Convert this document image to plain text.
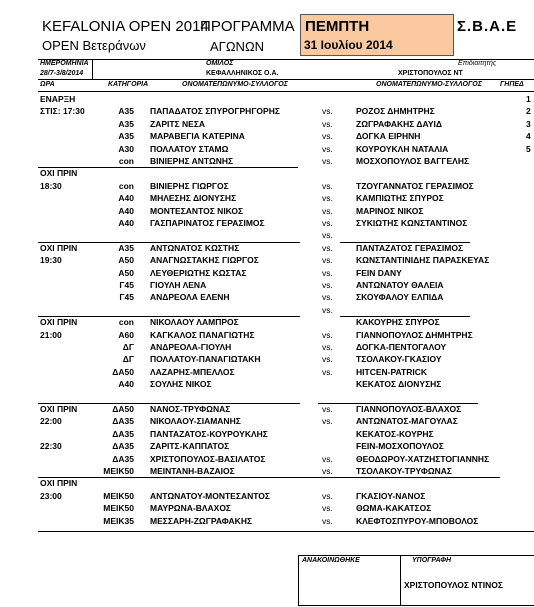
KEFALONIA OPEN 2014
OPEN Βετεράνων
ΠΡΟΓΡΑΜΜΑ
ΑΓΩΝΩΝ
ΠΕΜΠΤΗ
31 Ιουλίου 2014
Σ.Β.Α.Ε
ΗΜΕΡΟΜΗΝΙΑ	ΟΜΙΛΟΣ	Επιδιαιτητής
28/7-3/8/2014	ΚΕΦΑΛΛΗΝΙΚΟΣ Ο.Α.	ΧΡΙΣΤΟΠΟΥΛΟΣ ΝΤ
ΩΡΑ	ΚΑΤΗΓΟΡΙΑ	ΟΝΟΜΑΤΕΠΩΝΥΜΟ-ΣΥΛΛΟΓΟΣ	ΟΝΟΜΑΤΕΠΩΝΥΜΟ-ΣΥΛΛΟΓΟΣ	ΓΗΠΕΔ
ΕΝΑΡΞΗ	1
ΣΤΙΣ: 17:30	Α35 ΠΑΠΑΔΑΤΟΣ ΣΠΥΡΟΓΡΗΓΟΡΗΣ	vs.	ΡΟΖΟΣ ΔΗΜΗΤΡΗΣ	2
Α35 ΖΑΡΙΤΣ ΝΕΣΑ	vs.	ΖΩΓΡΑΦΑΚΗΣ ΔΑΥΙΔ	3
Α35 ΜΑΡΑΒΕΓΙΑ ΚΑΤΕΡΙΝΑ	vs.	ΔΟΓΚΑ ΕΙΡΗΝΗ	4
Α30 ΠΟΛΛΑΤΟΥ ΣΤΑΜΩ	vs.	ΚΟΥΡΟΥΚΛΗ ΝΑΤΑΛΙΑ	5
con ΒΙΝΙΕΡΗΣ ΑΝΤΩΝΗΣ	vs.	ΜΟΣΧΟΠΟΥΛΟΣ ΒΑΓΓΕΛΗΣ
ΟΧΙ ΠΡΙΝ
18:30	con ΒΙΝΙΕΡΗΣ ΓΙΩΡΓΟΣ	vs.	ΤΖΟΥΓΑΝΝΑΤΟΣ ΓΕΡΑΣΙΜΟΣ
Α40 ΜΗΛΕΣΗΣ ΔΙΟΝΥΣΗΣ	vs.	ΚΑΜΠΙΩΤΗΣ ΣΠΥΡΟΣ
Α40 ΜΟΝΤΕΣΑΝΤΟΣ ΝΙΚΟΣ	vs.	ΜΑΡΙΝΟΣ ΝΙΚΟΣ
Α40 ΓΑΣΠΑΡΙΝΑΤΟΣ ΓΕΡΑΣΙΜΟΣ	vs.	ΣΥΚΙΩΤΗΣ ΚΩΝΣΤΑΝΤΙΝΟΣ
vs.
ΟΧΙ ΠΡΙΝ	Α35 ΑΝΤΩΝΑΤΟΣ ΚΩΣΤΗΣ	vs.	ΠΑΝΤΑΖΑΤΟΣ ΓΕΡΑΣΙΜΟΣ
19:30	Α50 ΑΝΑΓΝΩΣΤΑΚΗΣ ΓΙΩΡΓΟΣ	vs.	ΚΩΝΣΤΑΝΤΙΝΙΔΗΣ ΠΑΡΑΣΚΕΥΑΣ
Α50 ΛΕΥΘΕΡΙΩΤΗΣ ΚΩΣΤΑΣ	vs.	FEIN DANY
Γ45 ΓΙΟΥΛΗ ΛΕΝΑ	vs.	ΑΝΤΩΝΑΤΟΥ ΘΑΛΕΙΑ
Γ45 ΑΝΔΡΕΟΛΑ ΕΛΕΝΗ	vs.	ΣΚΟΥΦΑΛΟΥ ΕΛΠΙΔΑ
vs.
ΟΧΙ ΠΡΙΝ	con ΝΙΚΟΛΑΟΥ ΛΑΜΠΡΟΣ	ΚΑΚΟΥΡΗΣ ΣΠΥΡΟΣ
21:00	Α60 ΚΑΓΚΑΛΟΣ ΠΑΝΑΓΙΩΤΗΣ	vs.	ΓΙΑΝΝΟΠΟΥΛΟΣ ΔΗΜΗΤΡΗΣ
ΔΓ ΑΝΔΡΕΟΛΑ-ΓΙΟΥΛΗ	vs.	ΔΟΓΚΑ-ΠΕΝΤΟΓΑΛΟΥ
ΔΓ ΠΟΛΛΑΤΟΥ-ΠΑΝΑΓΙΩΤΑΚΗ	vs.	ΤΣΟΛΑΚΟΥ-ΓΚΑΣΙΟΥ
ΔΑ50 ΛΑΖΑΡΗΣ-ΜΠΕΛΛΟΣ	vs.	HITCEN-PATRICK
Α40 ΣΟΥΛΗΣ ΝΙΚΟΣ	ΚΕΚΑΤΟΣ ΔΙΟΝΥΣΗΣ
ΟΧΙ ΠΡΙΝ	ΔΑ50 ΝΑΝΟΣ-ΤΡΥΦΩΝΑΣ	vs.	ΓΙΑΝΝΟΠΟΥΛΟΣ-ΒΛΑΧΟΣ
22:00	ΔΑ35 ΝΙΚΟΛΑΟΥ-ΣΙΑΜΑΝΗΣ	vs.	ΑΝΤΩΝΑΤΟΣ-ΜΑΓΟΥΛΑΣ
ΔΑ35 ΠΑΝΤΑΖΑΤΟΣ-ΚΟΥΡΟΥΚΛΗΣ	ΚΕΚΑΤΟΣ-ΚΟΥΡΗΣ
22:30	ΔΑ35 ΖΑΡΙΤΣ-ΚΑΠΠΑΤΟΣ	FEIN-ΜΟΣΧΟΠΟΥΛΟΣ
ΔΑ35 ΧΡΙΣΤΟΠΟΥΛΟΣ-ΒΑΣΙΛΑΤΟΣ	vs.	ΘΕΟΔΩΡΟΥ-ΧΑΤΖΗΣΤΟΓΙΑΝΝΗΣ
ΜΕΙΚ50 ΜΕΙΝΤΑΝΗ-ΒΑΖΑΙΟΣ	vs.	ΤΣΟΛΑΚΟΥ-ΤΡΥΦΩΝΑΣ
ΟΧΙ ΠΡΙΝ
23:00	ΜΕΙΚ50 ΑΝΤΩΝΑΤΟΥ-ΜΟΝΤΕΣΑΝΤΟΣ	vs.	ΓΚΑΣΙΟΥ-ΝΑΝΟΣ
ΜΕΙΚ50 ΜΑΥΡΩΝΑ-ΒΛΑΧΟΣ	vs.	ΘΩΜΑ-ΚΑΚΑΤΣΟΣ
ΜΕΙΚ35 ΜΕΣΣΑΡΗ-ΖΩΓΡΑΦΑΚΗΣ	vs.	ΚΛΕΦΤΟΣΠΥΡΟΥ-ΜΠΟΒΟΛΟΣ
ΑΝΑΚΟΙΝΩΘΗΚΕ	ΥΠΟΓΡΑΦΗ
ΧΡΙΣΤΟΠΟΥΛΟΣ ΝΤΙΝΟΣ
